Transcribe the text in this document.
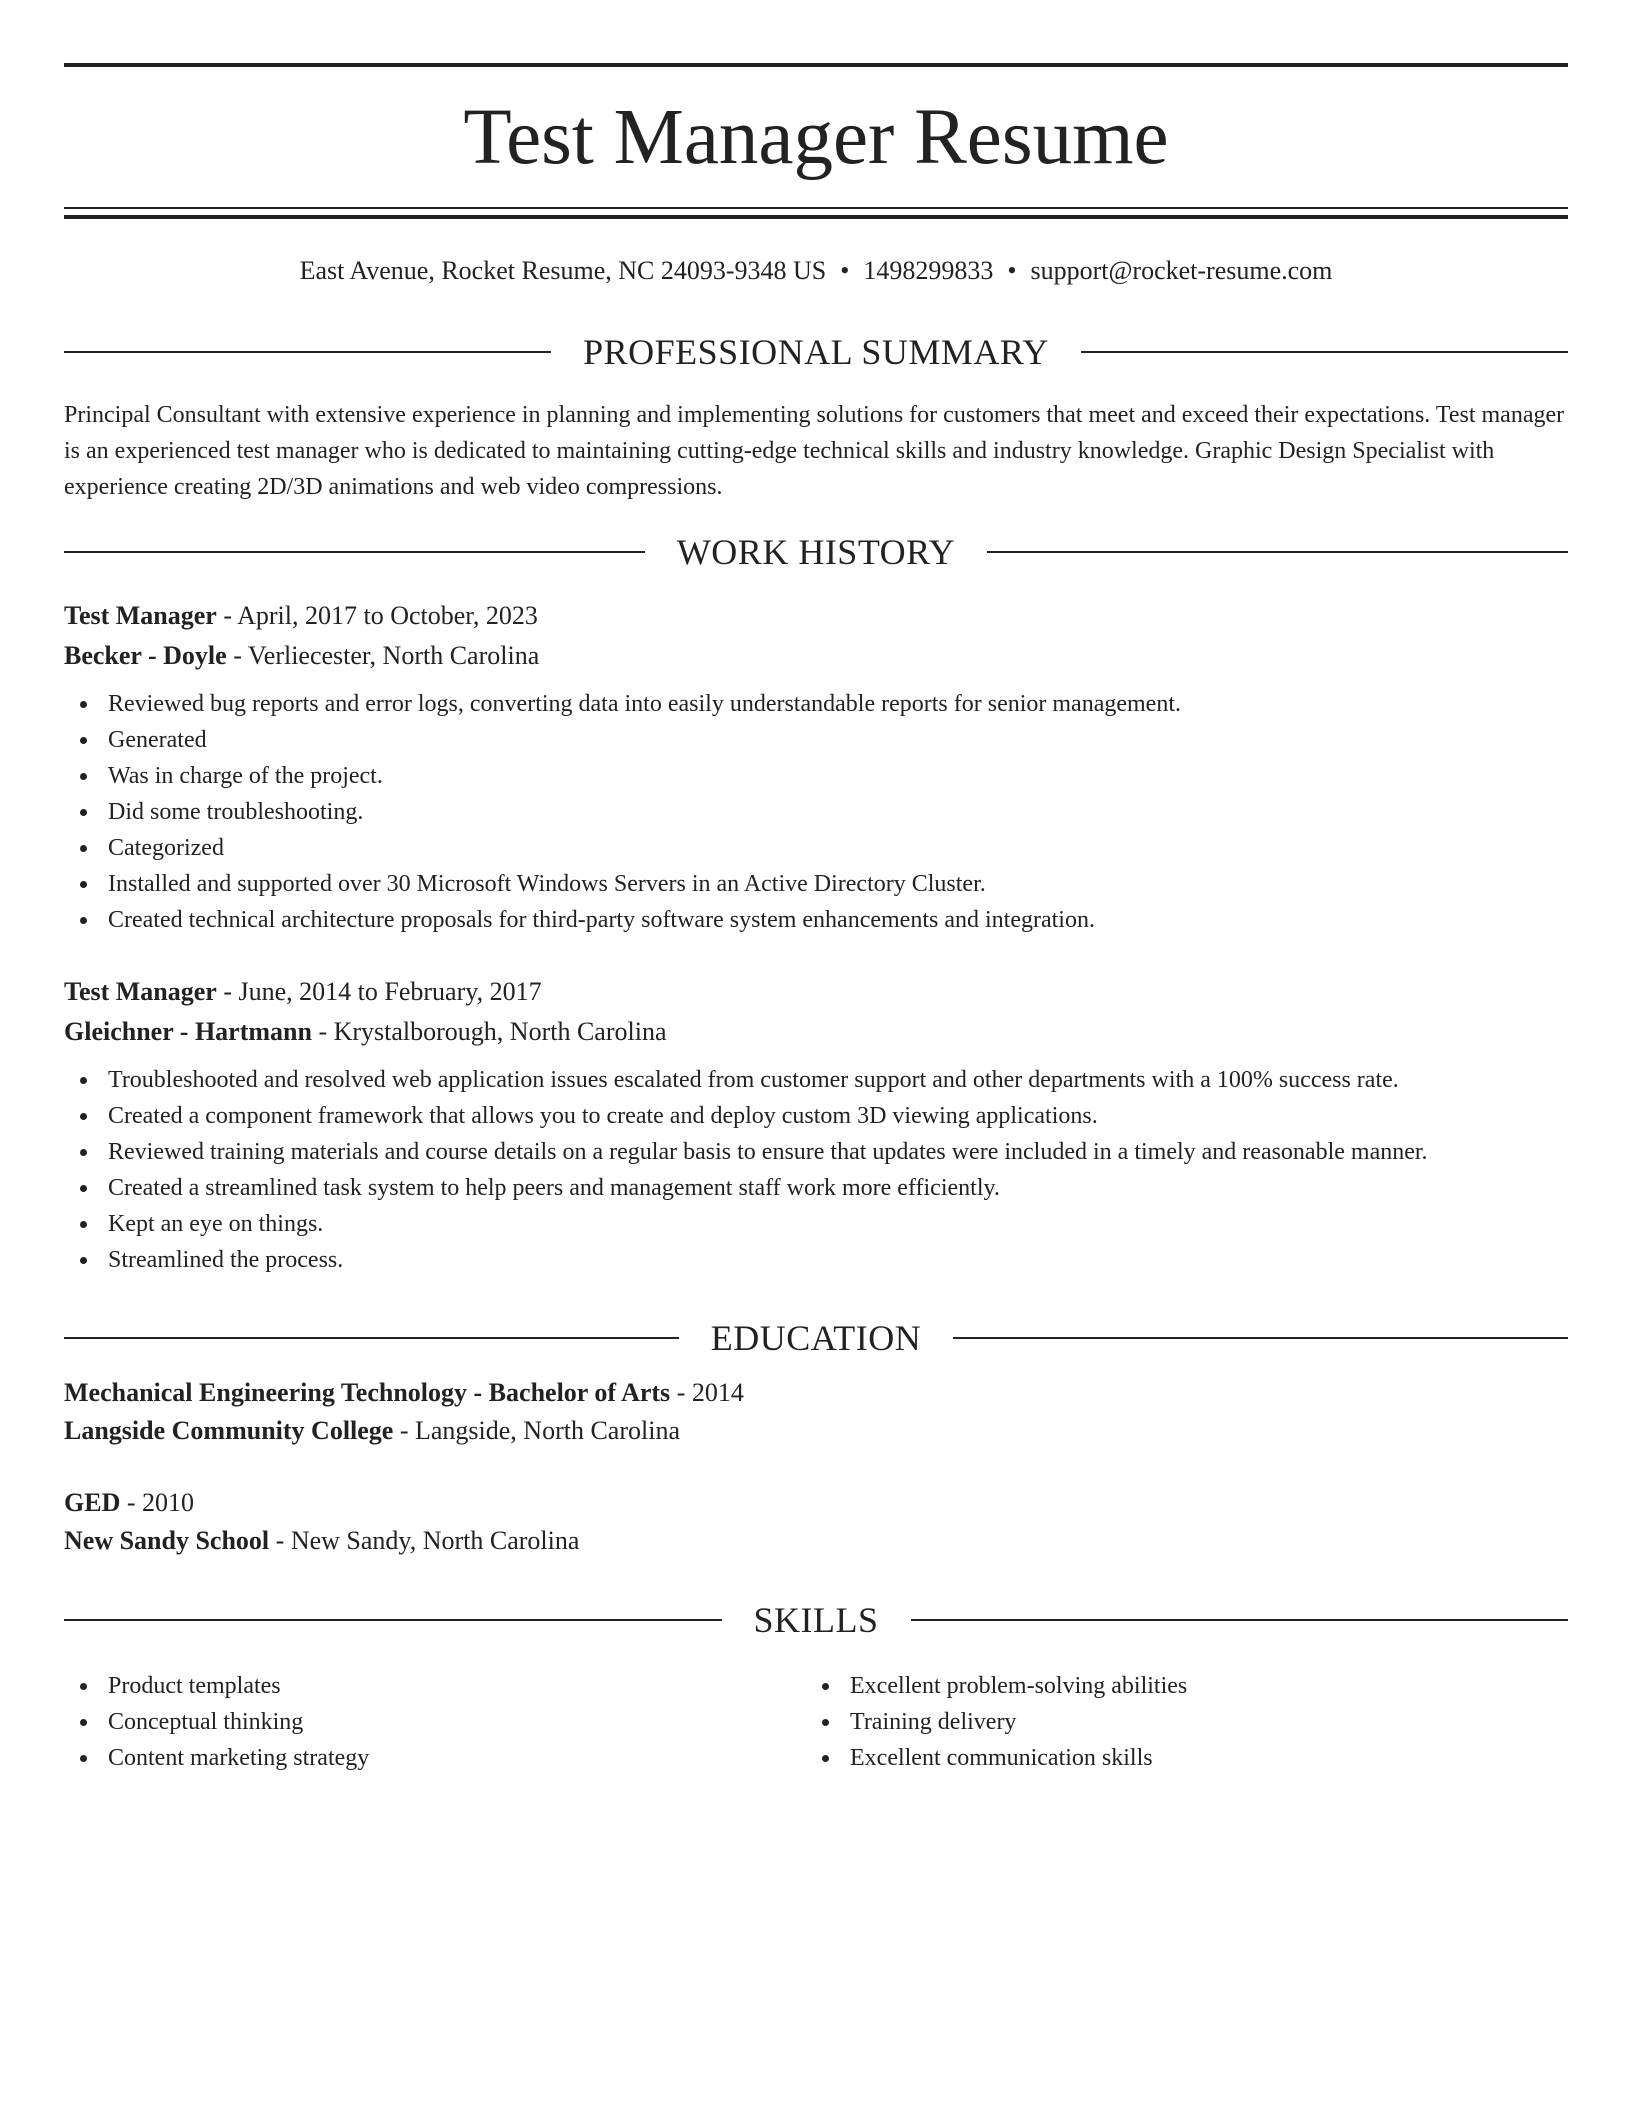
Test Manager Resume
East Avenue, Rocket Resume, NC 24093-9348 US • 1498299833 • support@rocket-resume.com
PROFESSIONAL SUMMARY

Principal Consultant with extensive experience in planning and implementing solutions for customers that meet and exceed their expectations. Test manager is an experienced test manager who is dedicated to maintaining cutting-edge technical skills and industry knowledge. Graphic Design Specialist with experience creating 2D/3D animations and web video compressions.

WORK HISTORY

Test Manager - April, 2017 to October, 2023

Becker - Doyle - Verliecester, North Carolina

Reviewed bug reports and error logs, converting data into easily understandable reports for senior management.
Generated
Was in charge of the project.
Did some troubleshooting.
Categorized
Installed and supported over 30 Microsoft Windows Servers in an Active Directory Cluster.
Created technical architecture proposals for third-party software system enhancements and integration.

Test Manager - June, 2014 to February, 2017

Gleichner - Hartmann - Krystalborough, North Carolina

Troubleshooted and resolved web application issues escalated from customer support and other departments with a 100% success rate.
Created a component framework that allows you to create and deploy custom 3D viewing applications.
Reviewed training materials and course details on a regular basis to ensure that updates were included in a timely and reasonable manner.
Created a streamlined task system to help peers and management staff work more efficiently.
Kept an eye on things.
Streamlined the process.
EDUCATION

Mechanical Engineering Technology - Bachelor of Arts - 2014

Langside Community College - Langside, North Carolina

GED - 2010

New Sandy School - New Sandy, North Carolina

SKILLS
Product templates
Conceptual thinking
Content marketing strategy
Excellent problem-solving abilities
Training delivery
Excellent communication skills
